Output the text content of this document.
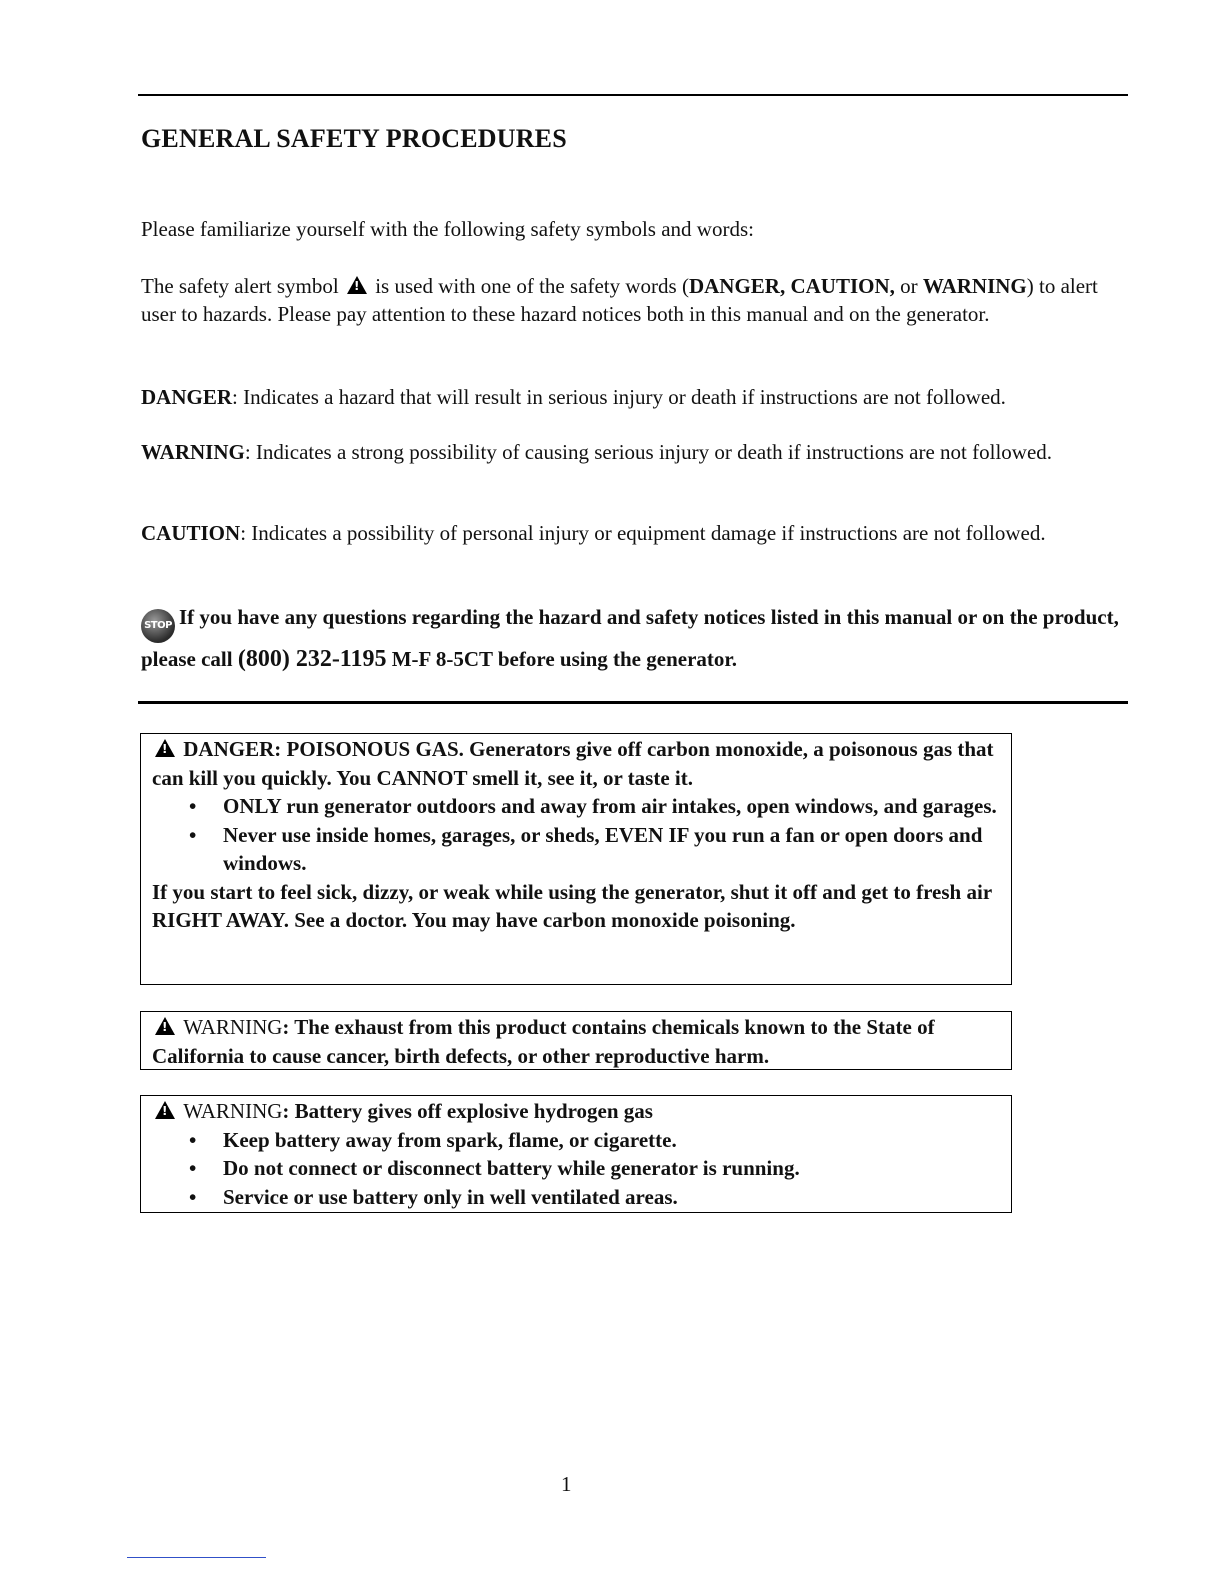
GENERAL SAFETY PROCEDURES
Please familiarize yourself with the following safety symbols and words:
The safety alert symbol ! is used with one of the safety words (DANGER, CAUTION, or WARNING) to alert user to hazards. Please pay attention to these hazard notices both in this manual and on the generator.
DANGER: Indicates a hazard that will result in serious injury or death if instructions are not followed.
WARNING: Indicates a strong possibility of causing serious injury or death if instructions are not followed.
CAUTION: Indicates a possibility of personal injury or equipment damage if instructions are not followed.
STOP If you have any questions regarding the hazard and safety notices listed in this manual or on the product, please call (800) 232-1195 M-F 8-5CT before using the generator.
! DANGER: POISONOUS GAS. Generators give off carbon monoxide, a poisonous gas that can kill you quickly. You CANNOT smell it, see it, or taste it.
• ONLY run generator outdoors and away from air intakes, open windows, and garages.
• Never use inside homes, garages, or sheds, EVEN IF you run a fan or open doors and windows.
If you start to feel sick, dizzy, or weak while using the generator, shut it off and get to fresh air RIGHT AWAY. See a doctor. You may have carbon monoxide poisoning.
! WARNING: The exhaust from this product contains chemicals known to the State of California to cause cancer, birth defects, or other reproductive harm.
! WARNING: Battery gives off explosive hydrogen gas
• Keep battery away from spark, flame, or cigarette.
• Do not connect or disconnect battery while generator is running.
• Service or use battery only in well ventilated areas.
1
